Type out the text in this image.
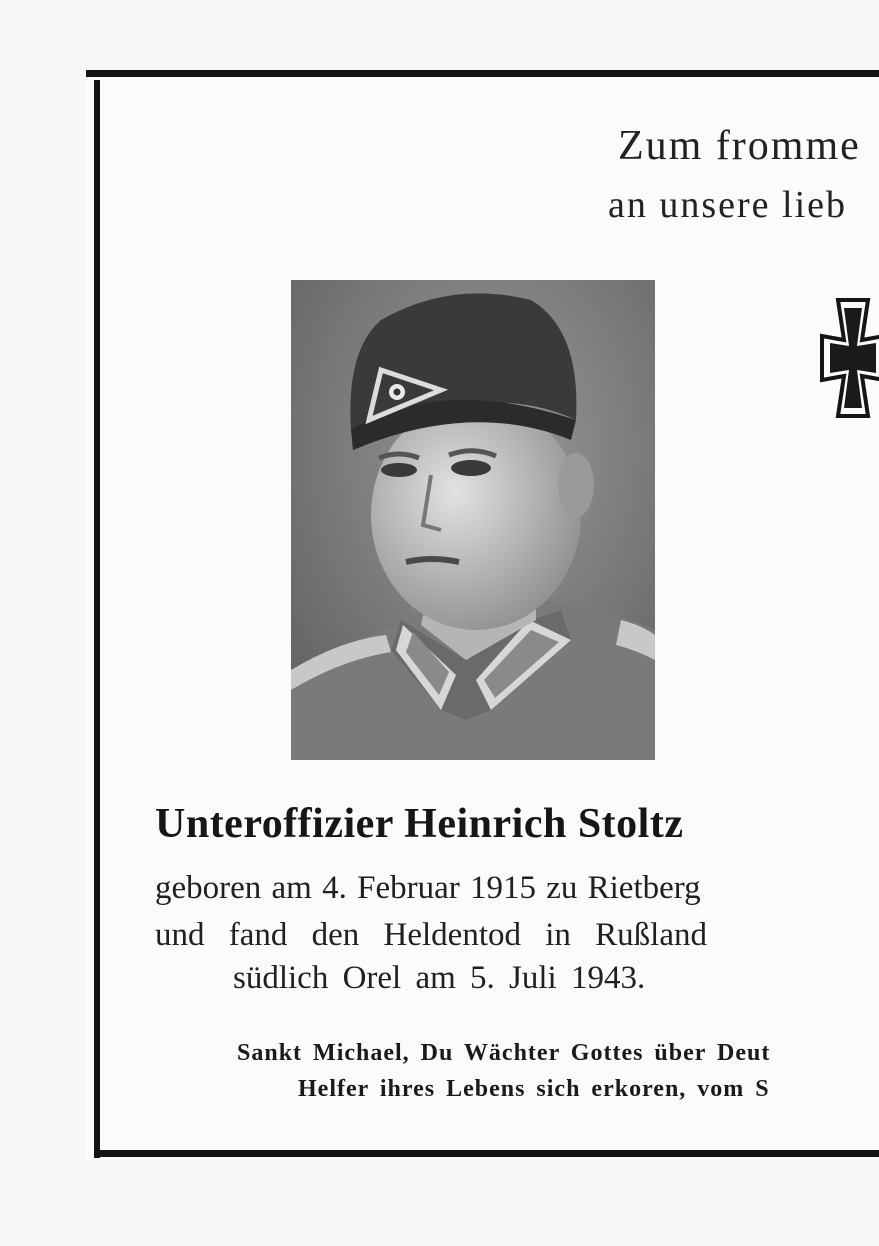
Zum fromme
an unsere lieb
Unteroffizier Heinrich Stoltz
geboren am 4. Februar 1915 zu Rietberg
und fand den Heldentod in Rußland
südlich Orel am 5. Juli 1943.
Sankt Michael, Du Wächter Gottes über Deut
Helfer ihres Lebens sich erkoren, vom S
